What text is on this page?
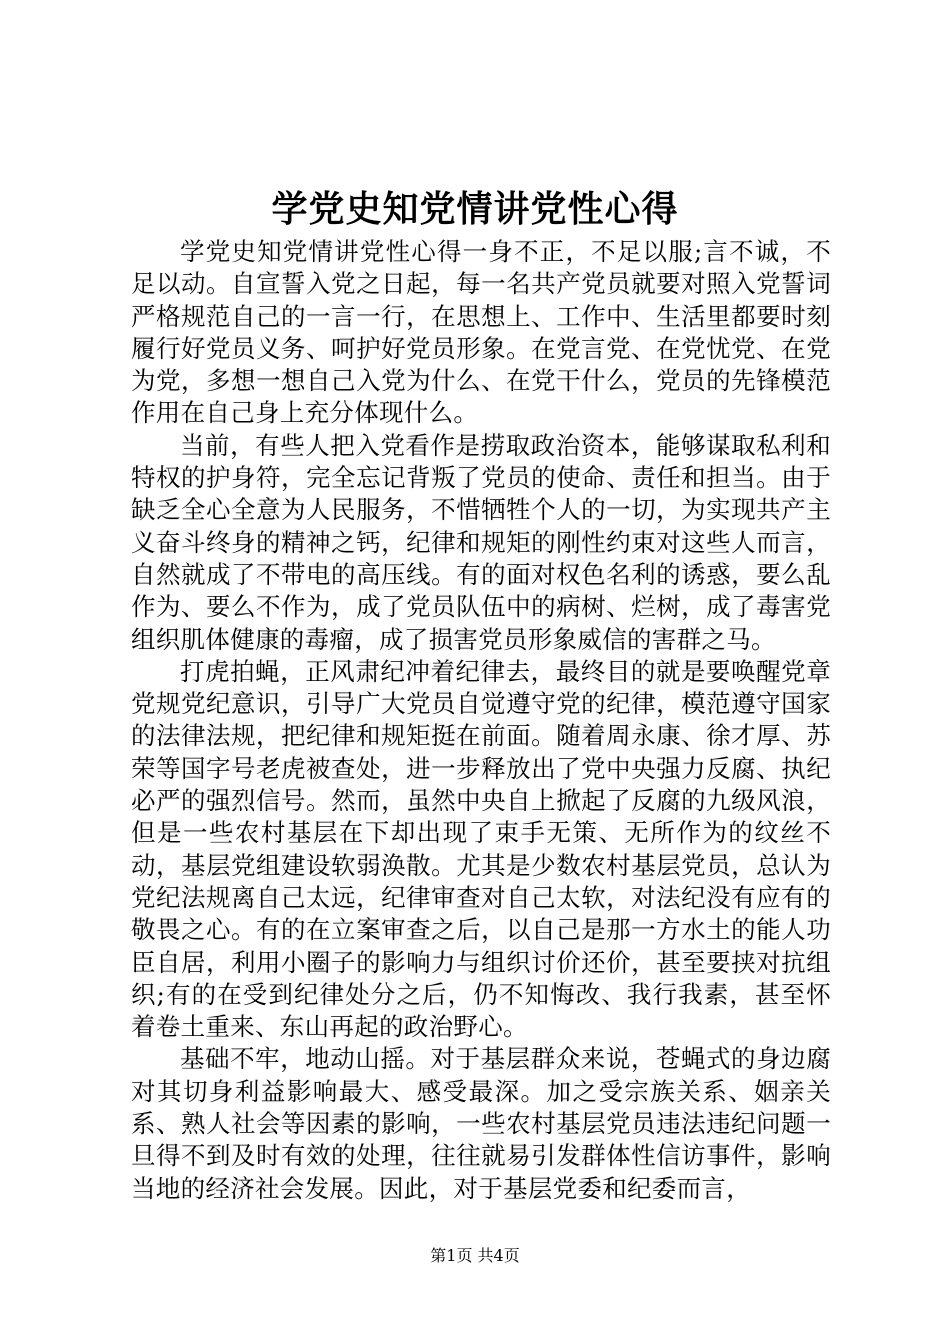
学党史知党情讲党性心得

学党史知党情讲党性心得一身不正，不足以服;言不诚，不足以动。自宣誓入党之日起，每一名共产党员就要对照入党誓词严格规范自己的一言一行，在思想上、工作中、生活里都要时刻履行好党员义务、呵护好党员形象。在党言党、在党忧党、在党为党，多想一想自己入党为什么、在党干什么，党员的先锋模范作用在自己身上充分体现什么。

当前，有些人把入党看作是捞取政治资本，能够谋取私利和特权的护身符，完全忘记背叛了党员的使命、责任和担当。由于缺乏全心全意为人民服务，不惜牺牲个人的一切，为实现共产主义奋斗终身的精神之钙，纪律和规矩的刚性约束对这些人而言，自然就成了不带电的高压线。有的面对权色名利的诱惑，要么乱作为、要么不作为，成了党员队伍中的病树、烂树，成了毒害党组织肌体健康的毒瘤，成了损害党员形象威信的害群之马。

打虎拍蝇，正风肃纪冲着纪律去，最终目的就是要唤醒党章党规党纪意识，引导广大党员自觉遵守党的纪律，模范遵守国家的法律法规，把纪律和规矩挺在前面。随着周永康、徐才厚、苏荣等国字号老虎被查处，进一步释放出了党中央强力反腐、执纪必严的强烈信号。然而，虽然中央自上掀起了反腐的九级风浪，但是一些农村基层在下却出现了束手无策、无所作为的纹丝不动，基层党组建设软弱涣散。尤其是少数农村基层党员，总认为党纪法规离自己太远，纪律审查对自己太软，对法纪没有应有的敬畏之心。有的在立案审查之后，以自己是那一方水土的能人功臣自居，利用小圈子的影响力与组织讨价还价，甚至要挟对抗组织;有的在受到纪律处分之后，仍不知悔改、我行我素，甚至怀着卷土重来、东山再起的政治野心。

基础不牢，地动山摇。对于基层群众来说，苍蝇式的身边腐对其切身利益影响最大、感受最深。加之受宗族关系、姻亲关系、熟人社会等因素的影响，一些农村基层党员违法违纪问题一旦得不到及时有效的处理，往往就易引发群体性信访事件，影响当地的经济社会发展。因此，对于基层党委和纪委而言，

第1页 共4页
